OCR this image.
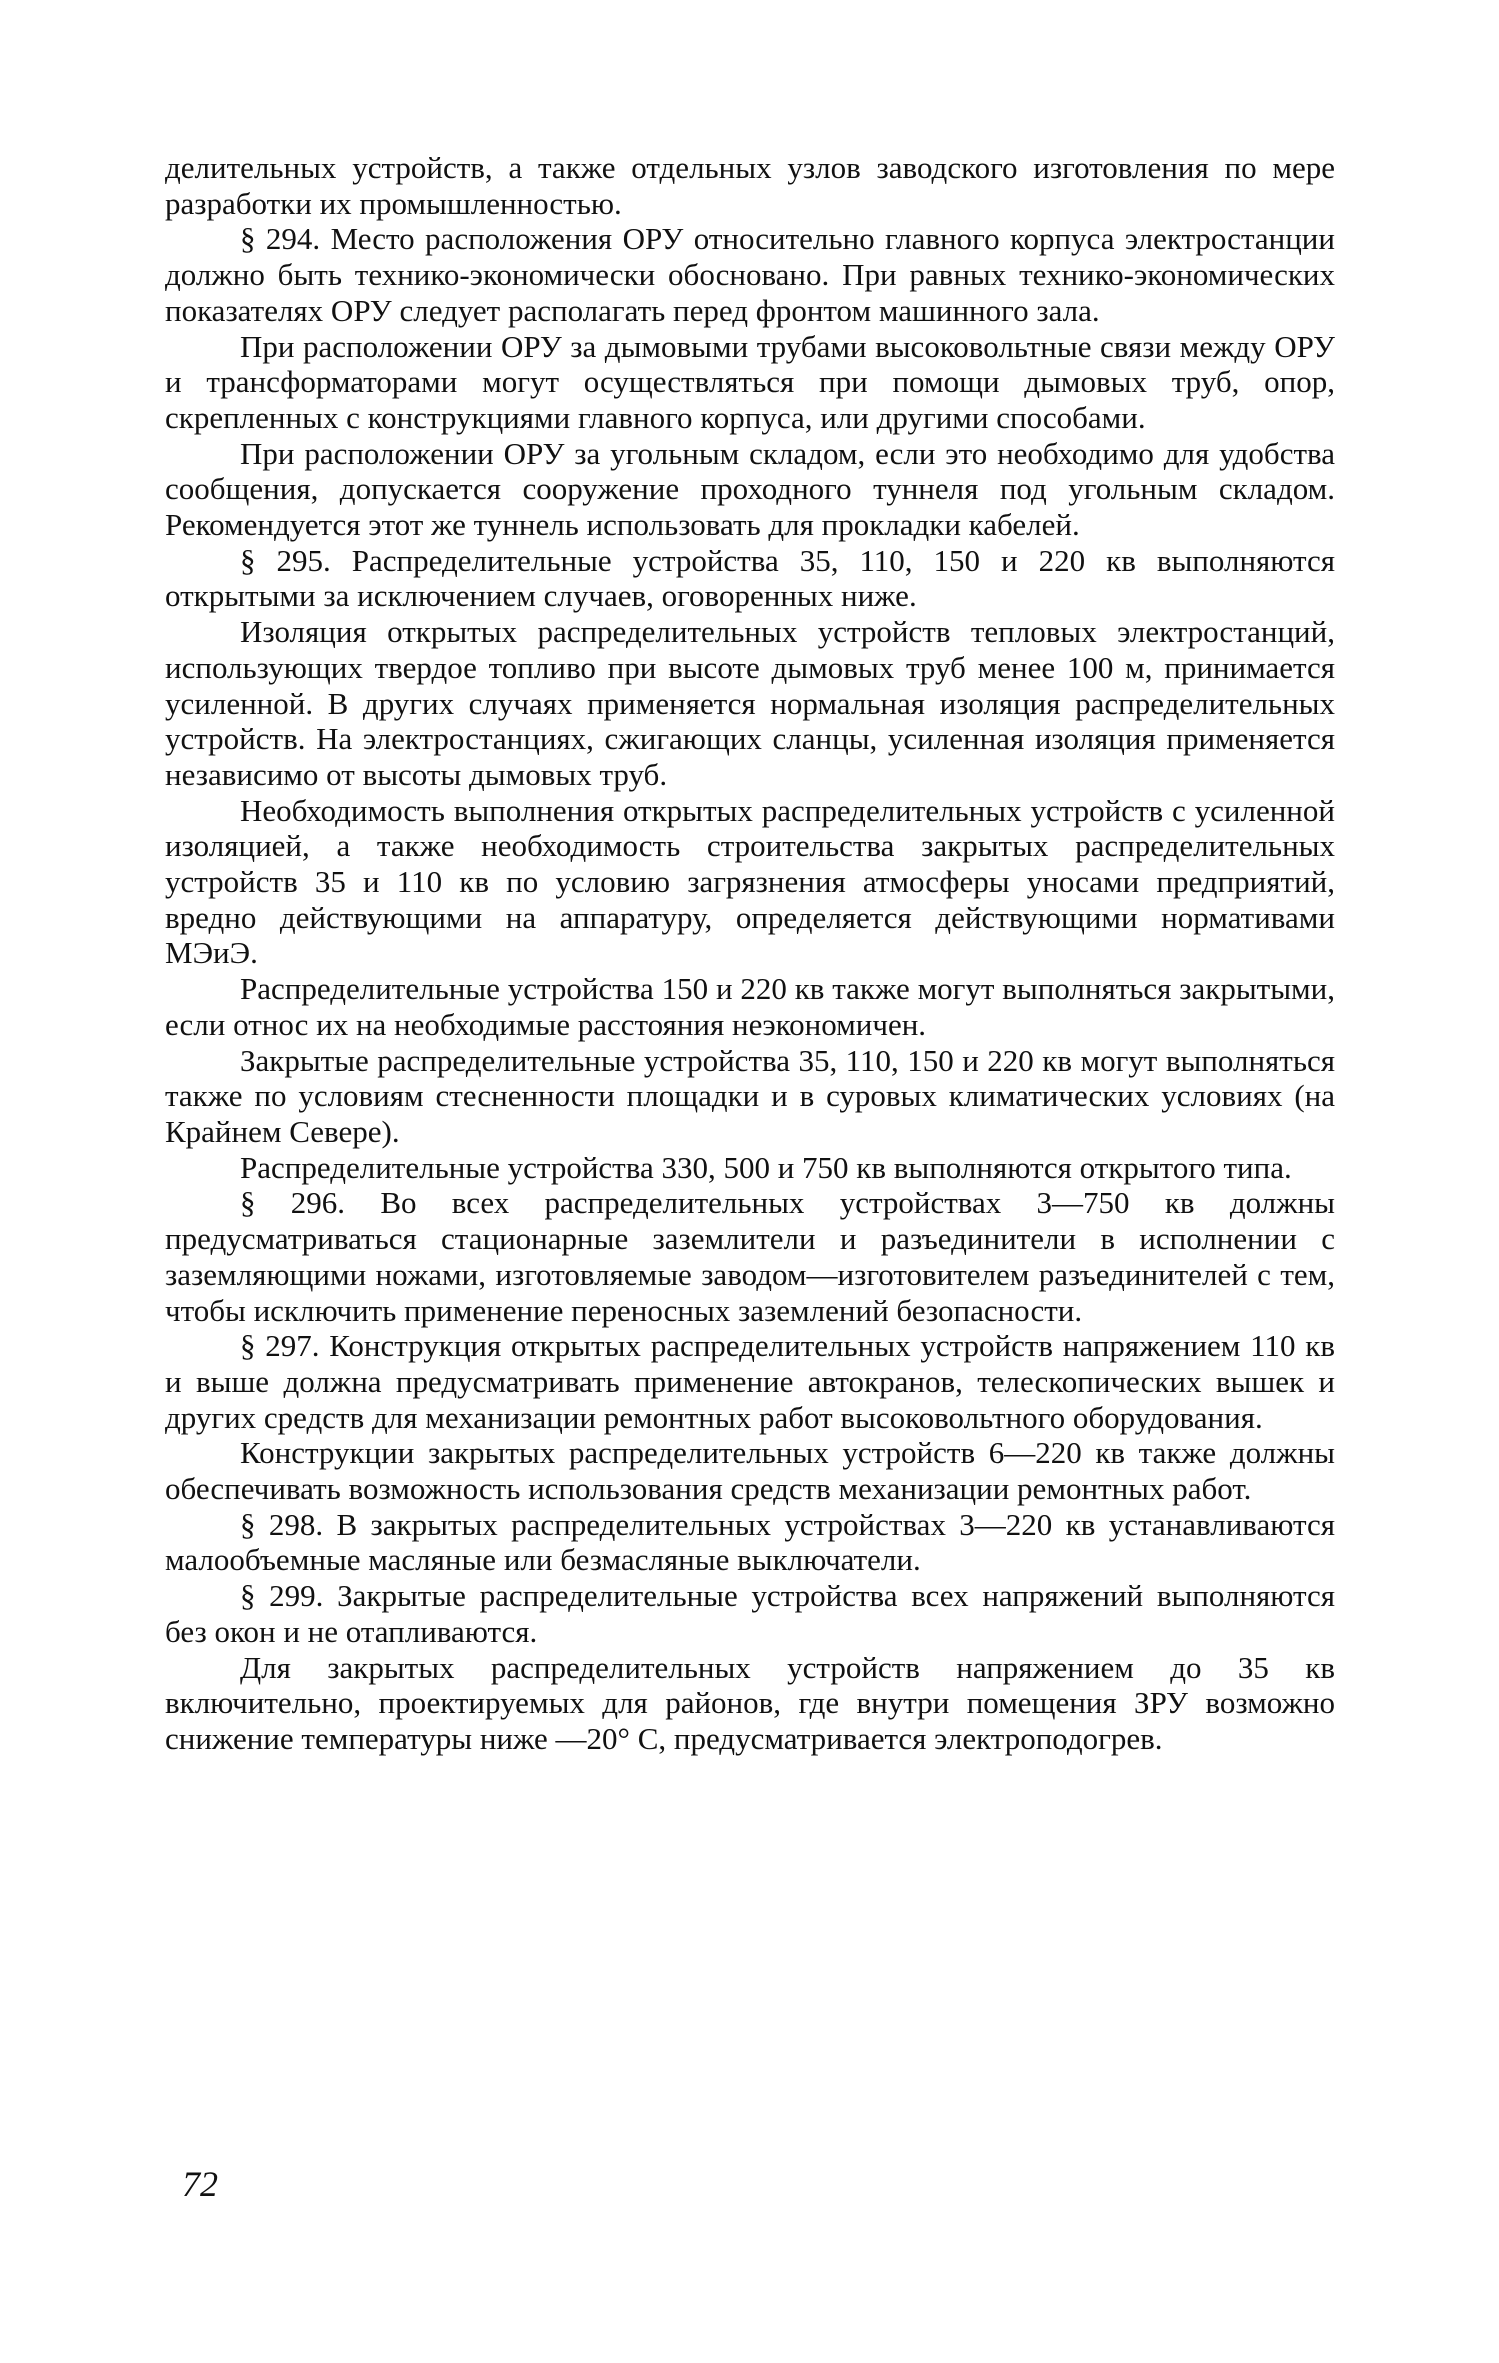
делительных устройств, а также отдельных узлов заводского изготовления по мере разработки их промышленностью.

§ 294. Место расположения ОРУ относительно главного корпуса электростанции должно быть технико-экономически обосновано. При равных технико-экономических показателях ОРУ следует располагать перед фронтом машинного зала.

При расположении ОРУ за дымовыми трубами высоковольтные связи между ОРУ и трансформаторами могут осуществляться при помощи дымовых труб, опор, скрепленных с конструкциями главного корпуса, или другими способами.

При расположении ОРУ за угольным складом, если это необходимо для удобства сообщения, допускается сооружение проходного туннеля под угольным складом. Рекомендуется этот же туннель использовать для прокладки кабелей.

§ 295. Распределительные устройства 35, 110, 150 и 220 кв выполняются открытыми за исключением случаев, оговоренных ниже.

Изоляция открытых распределительных устройств тепловых электростанций, использующих твердое топливо при высоте дымовых труб менее 100 м, принимается усиленной. В других случаях применяется нормальная изоляция распределительных устройств. На электростанциях, сжигающих сланцы, усиленная изоляция применяется независимо от высоты дымовых труб.

Необходимость выполнения открытых распределительных устройств с усиленной изоляцией, а также необходимость строительства закрытых распределительных устройств 35 и 110 кв по условию загрязнения атмосферы уносами предприятий, вредно действующими на аппаратуру, определяется действующими нормативами МЭиЭ.

Распределительные устройства 150 и 220 кв также могут выполняться закрытыми, если относ их на необходимые расстояния неэкономичен.

Закрытые распределительные устройства 35, 110, 150 и 220 кв могут выполняться также по условиям стесненности площадки и в суровых климатических условиях (на Крайнем Севере).

Распределительные устройства 330, 500 и 750 кв выполняются открытого типа.

§ 296. Во всех распределительных устройствах 3—750 кв должны предусматриваться стационарные заземлители и разъединители в исполнении с заземляющими ножами, изготовляемые заводом—изготовителем разъединителей с тем, чтобы исключить применение переносных заземлений безопасности.

§ 297. Конструкция открытых распределительных устройств напряжением 110 кв и выше должна предусматривать применение автокранов, телескопических вышек и других средств для механизации ремонтных работ высоковольтного оборудования.

Конструкции закрытых распределительных устройств 6—220 кв также должны обеспечивать возможность использования средств механизации ремонтных работ.

§ 298. В закрытых распределительных устройствах 3—220 кв устанавливаются малообъемные масляные или безмасляные выключатели.

§ 299. Закрытые распределительные устройства всех напряжений выполняются без окон и не отапливаются.

Для закрытых распределительных устройств напряжением до 35 кв включительно, проектируемых для районов, где внутри помещения ЗРУ возможно снижение температуры ниже —20° С, предусматривается электроподогрев.

72
